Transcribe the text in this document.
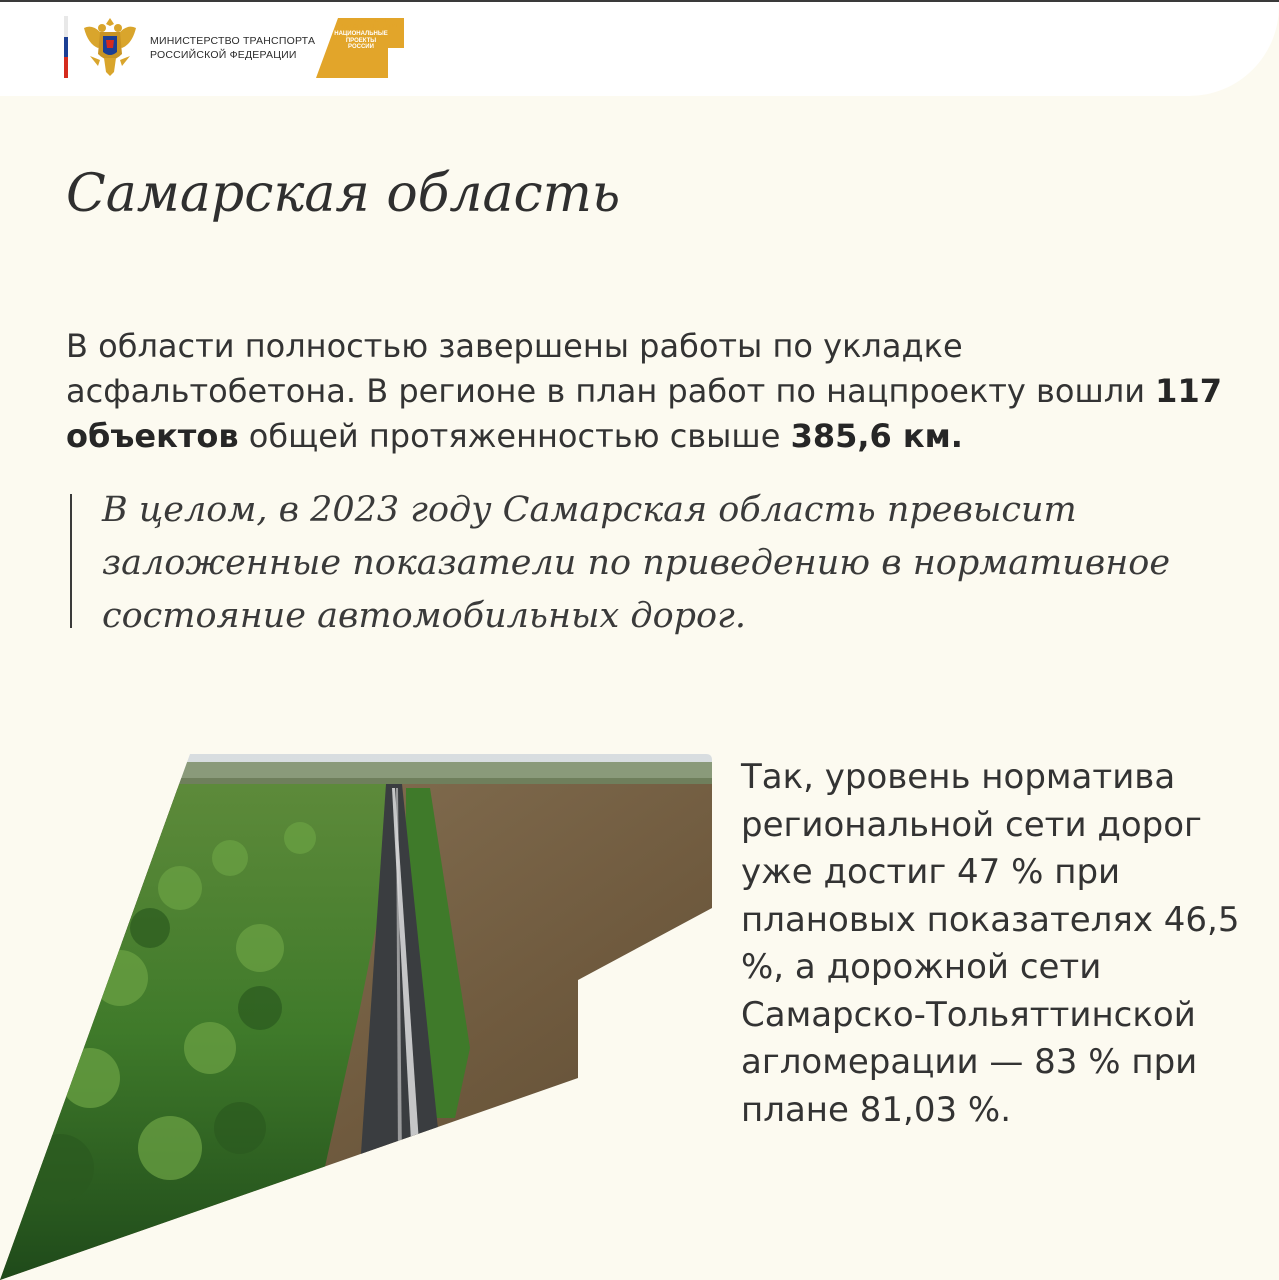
МИНИСТЕРСТВО ТРАНСПОРТА
РОССИЙСКОЙ ФЕДЕРАЦИИ
БЕЗОПАСНЫЕ
КАЧЕСТВЕННЫЕ ДОРОГИ
НАЦИОНАЛЬНЫЕ
ПРОЕКТЫ
РОССИИ
Самарская область
В области полностью завершены работы по укладке асфальтобетона. В регионе в план работ по нацпроекту вошли 117 объектов общей протяженностью свыше 385,6 км.
В целом, в 2023 году Самарская область превысит заложенные показатели по приведению в нормативное состояние автомобильных дорог.
Так, уровень норматива региональной сети дорог уже достиг 47 % при плановых показателях 46,5 %, а дорожной сети Самарско-Тольяттинской агломерации — 83 % при плане 81,03 %.
